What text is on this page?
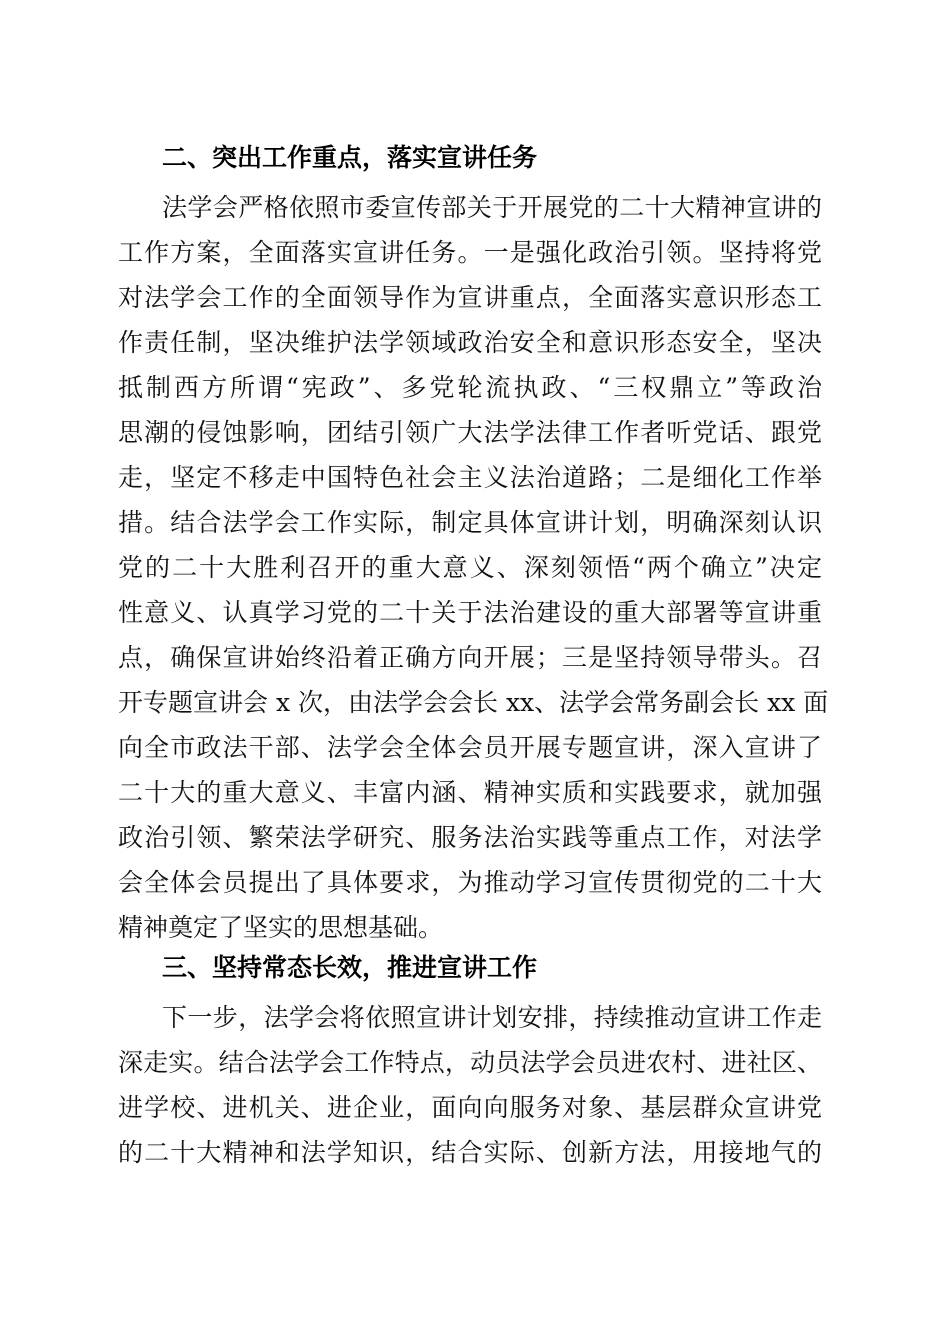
二、突出工作重点，落实宣讲任务
法学会严格依照市委宣传部关于开展党的二十大精神宣讲的
工作方案，全面落实宣讲任务。一是强化政治引领。坚持将党
对法学会工作的全面领导作为宣讲重点，全面落实意识形态工
作责任制，坚决维护法学领域政治安全和意识形态安全，坚决
抵制西方所谓“宪政”、多党轮流执政、“三权鼎立”等政治
思潮的侵蚀影响，团结引领广大法学法律工作者听党话、跟党
走，坚定不移走中国特色社会主义法治道路；二是细化工作举
措。结合法学会工作实际，制定具体宣讲计划，明确深刻认识
党的二十大胜利召开的重大意义、深刻领悟“两个确立”决定
性意义、认真学习党的二十关于法治建设的重大部署等宣讲重
点，确保宣讲始终沿着正确方向开展；三是坚持领导带头。召
开专题宣讲会 x 次，由法学会会长 xx、法学会常务副会长 xx 面
向全市政法干部、法学会全体会员开展专题宣讲，深入宣讲了
二十大的重大意义、丰富内涵、精神实质和实践要求，就加强
政治引领、繁荣法学研究、服务法治实践等重点工作，对法学
会全体会员提出了具体要求，为推动学习宣传贯彻党的二十大
精神奠定了坚实的思想基础。
三、坚持常态长效，推进宣讲工作
下一步，法学会将依照宣讲计划安排，持续推动宣讲工作走
深走实。结合法学会工作特点，动员法学会员进农村、进社区、
进学校、进机关、进企业，面向向服务对象、基层群众宣讲党
的二十大精神和法学知识，结合实际、创新方法，用接地气的
